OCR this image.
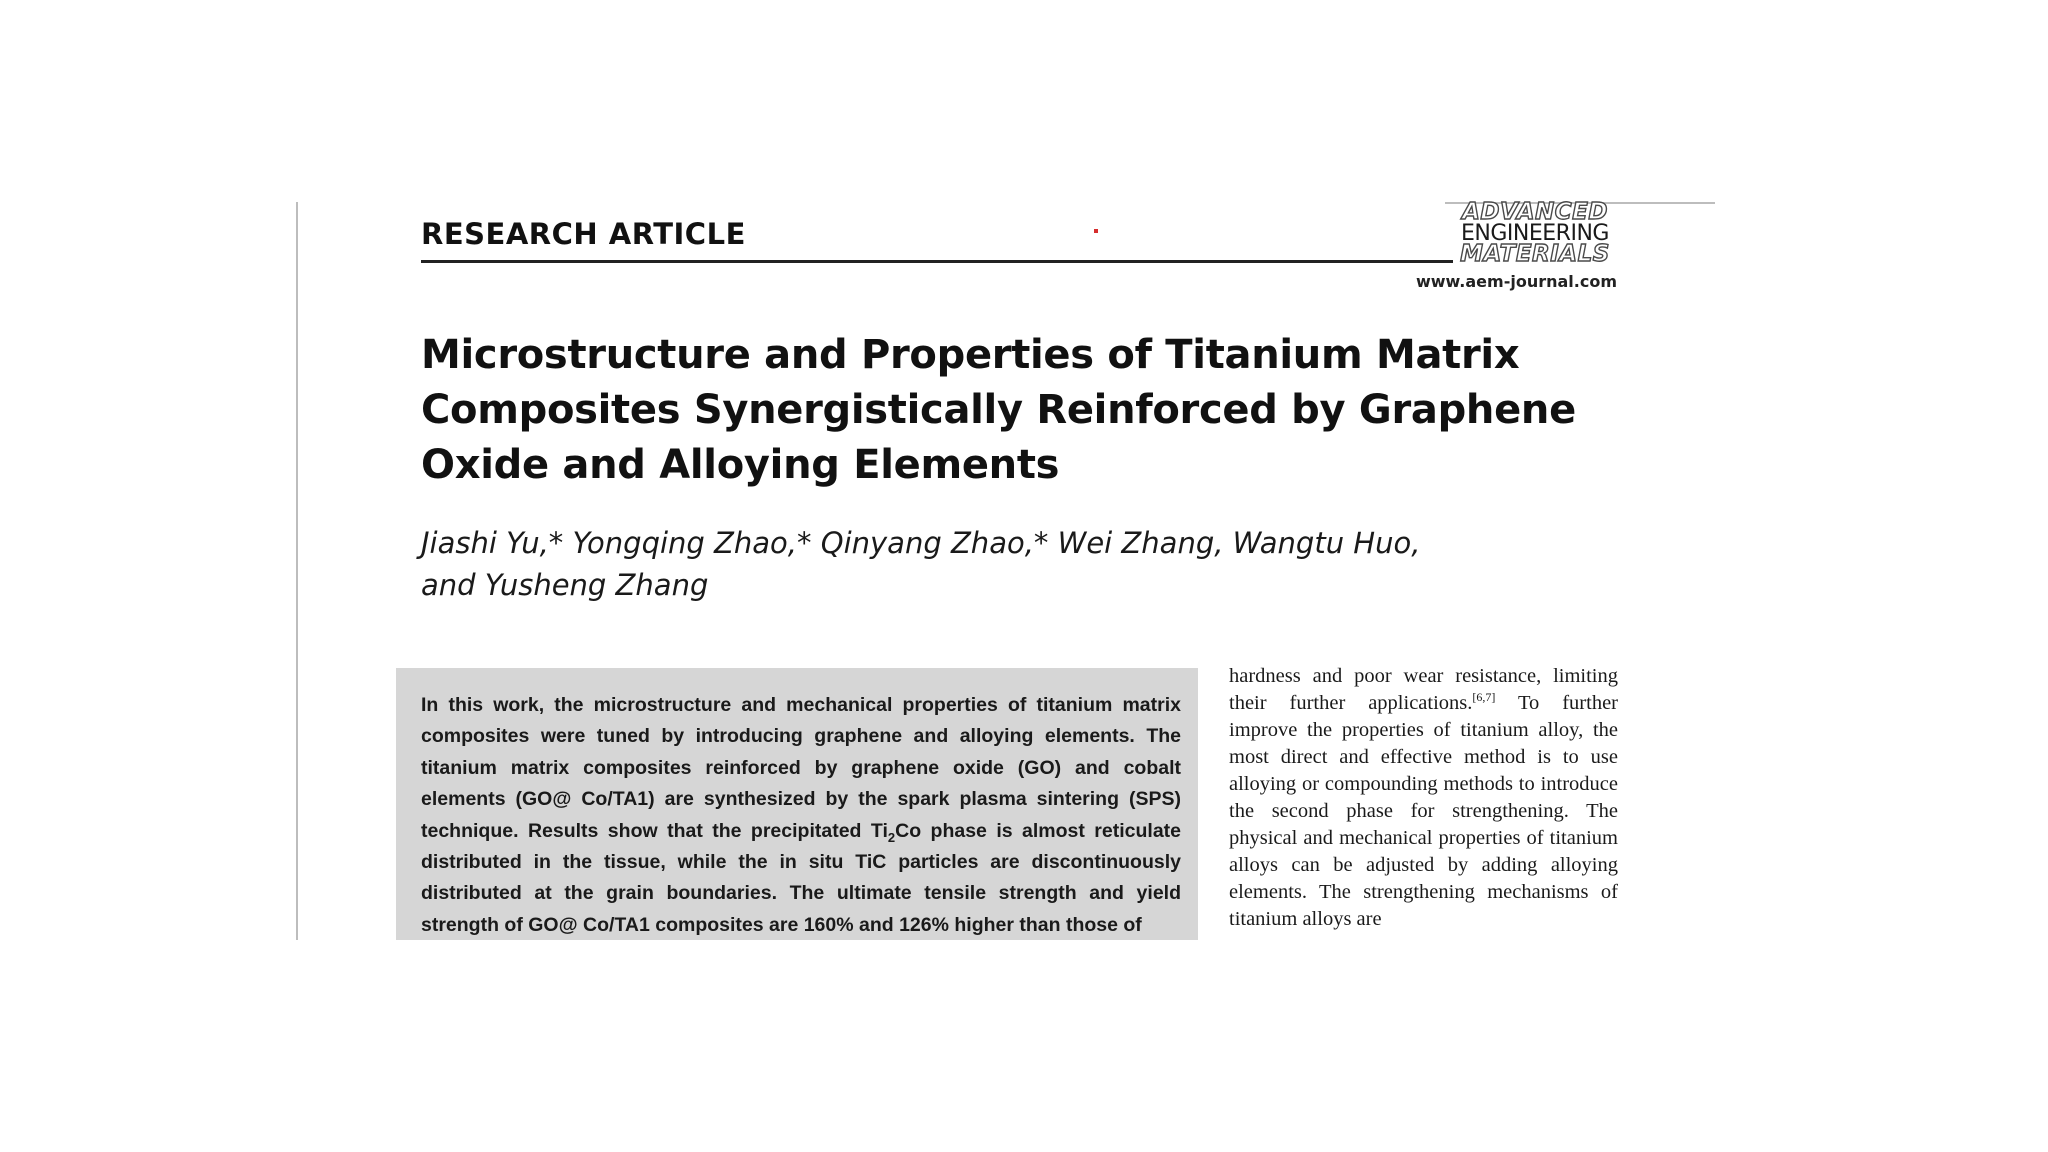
RESEARCH ARTICLE
ADVANCED
ENGINEERING
MATERIALS
www.aem-journal.com
Microstructure and Properties of Titanium Matrix Composites Synergistically Reinforced by Graphene Oxide and Alloying Elements
Jiashi Yu,* Yongqing Zhao,* Qinyang Zhao,* Wei Zhang, Wangtu Huo,
and Yusheng Zhang

In this work, the microstructure and mechanical properties of titanium matrix composites were tuned by introducing graphene and alloying elements. The titanium matrix composites reinforced by graphene oxide (GO) and cobalt elements (GO@ Co/TA1) are synthesized by the spark plasma sintering (SPS) technique. Results show that the precipitated $Ti_2Co$ phase is almost reticulate distributed in the tissue, while the in situ TiC particles are discontinuously distributed at the grain boundaries. The ultimate tensile strength and yield strength of GO@ Co/TA1 composites are 160% and 126% higher than those of

hardness and poor wear resistance, limiting their further applications.[6,7] To further improve the properties of titanium alloy, the most direct and effective method is to use alloying or compounding methods to introduce the second phase for strengthening. The physical and mechanical properties of titanium alloys can be adjusted by adding alloying elements. The strengthening mechanisms of titanium alloys are
